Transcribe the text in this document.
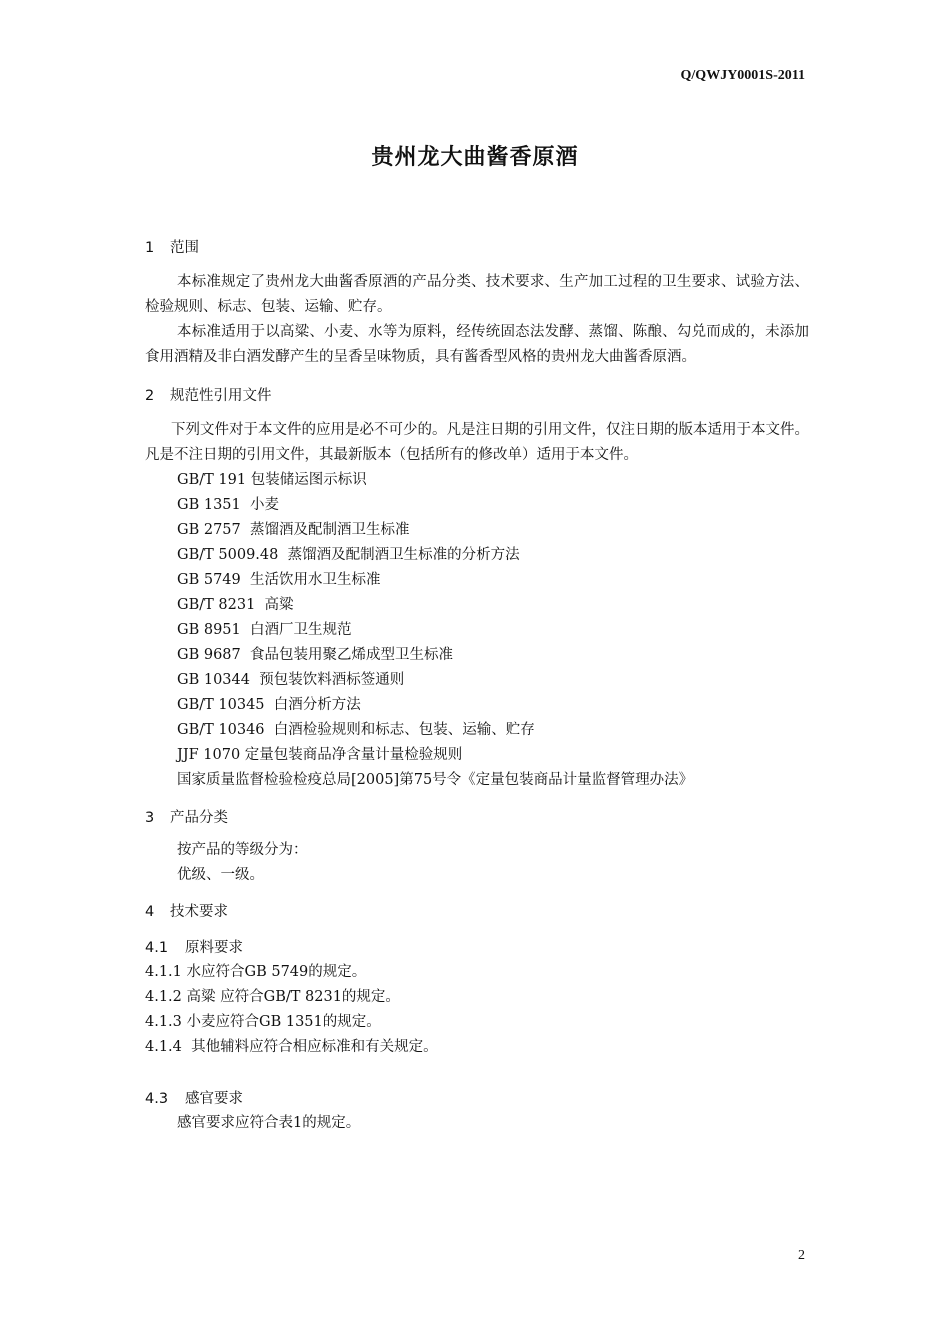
Q/QWJY0001S-2011
贵州龙大曲酱香原酒
1	范围

本标准规定了贵州龙大曲酱香原酒的产品分类、技术要求、生产加工过程的卫生要求、试验方法、检验规则、标志、包装、运输、贮存。

本标准适用于以高粱、小麦、水等为原料，经传统固态法发酵、蒸馏、陈酿、勾兑而成的，未添加食用酒精及非白酒发酵产生的呈香呈味物质，具有酱香型风格的贵州龙大曲酱香原酒。

2	规范性引用文件

下列文件对于本文件的应用是必不可少的。凡是注日期的引用文件，仅注日期的版本适用于本文件。凡是不注日期的引用文件，其最新版本（包括所有的修改单）适用于本文件。

GB/T 191 包装储运图示标识
GB 1351  小麦
GB 2757  蒸馏酒及配制酒卫生标准
GB/T 5009.48  蒸馏酒及配制酒卫生标准的分析方法
GB 5749  生活饮用水卫生标准
GB/T 8231  高粱
GB 8951  白酒厂卫生规范
GB 9687  食品包装用聚乙烯成型卫生标准
GB 10344  预包装饮料酒标签通则
GB/T 10345  白酒分析方法
GB/T 10346  白酒检验规则和标志、包装、运输、贮存
JJF 1070 定量包装商品净含量计量检验规则
国家质量监督检验检疫总局[2005]第75号令《定量包装商品计量监督管理办法》
3	产品分类
按产品的等级分为：
优级、一级。
4	技术要求
4.1	原料要求
4.1.1 水应符合GB 5749的规定。
4.1.2 高粱 应符合GB/T 8231的规定。
4.1.3 小麦应符合GB 1351的规定。
4.1.4  其他辅料应符合相应标准和有关规定。
4.3	感官要求
感官要求应符合表1的规定。
2
